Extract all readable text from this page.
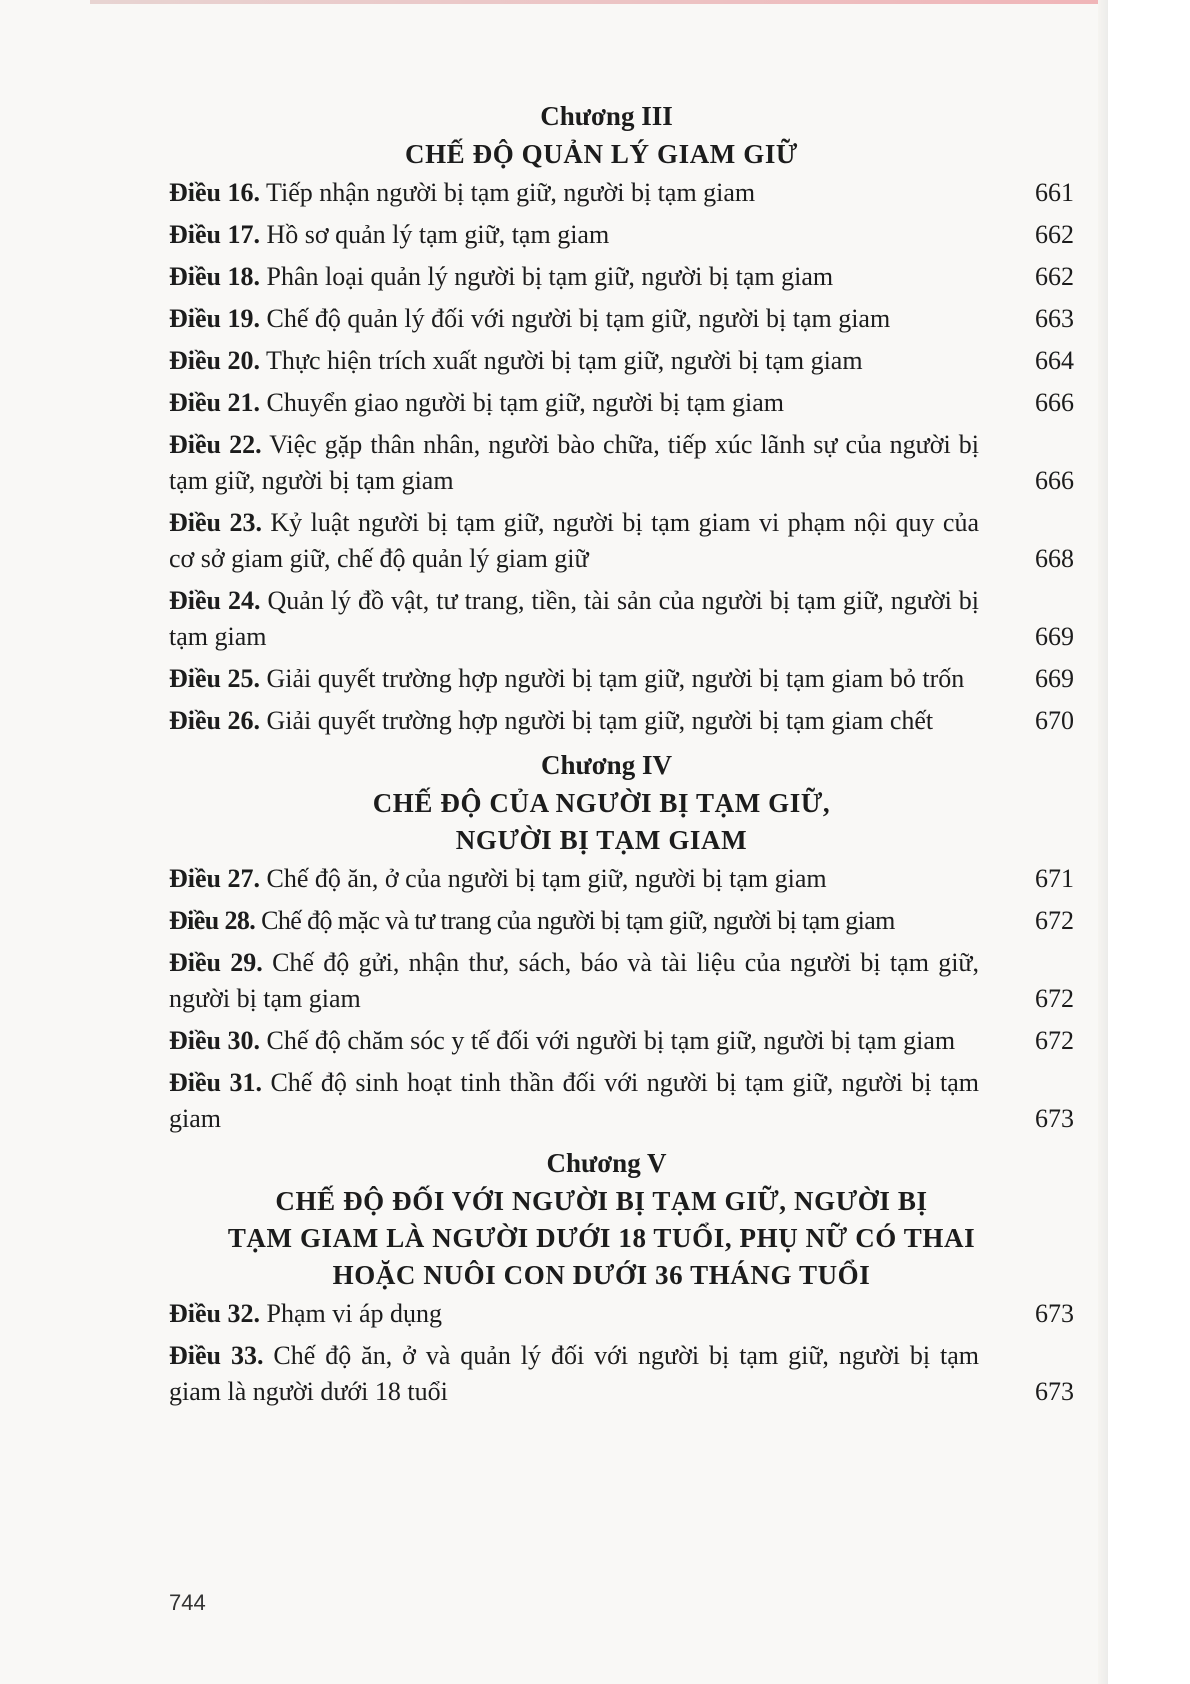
Chương III
CHẾ ĐỘ QUẢN LÝ GIAM GIỮ
Điều 16. Tiếp nhận người bị tạm giữ, người bị tạm giam	661
Điều 17. Hồ sơ quản lý tạm giữ, tạm giam	662
Điều 18. Phân loại quản lý người bị tạm giữ, người bị tạm giam	662
Điều 19. Chế độ quản lý đối với người bị tạm giữ, người bị tạm giam	663
Điều 20. Thực hiện trích xuất người bị tạm giữ, người bị tạm giam	664
Điều 21. Chuyển giao người bị tạm giữ, người bị tạm giam	666
Điều 22. Việc gặp thân nhân, người bào chữa, tiếp xúc lãnh sự của người bị tạm giữ, người bị tạm giam	666
Điều 23. Kỷ luật người bị tạm giữ, người bị tạm giam vi phạm nội quy của cơ sở giam giữ, chế độ quản lý giam giữ	668
Điều 24. Quản lý đồ vật, tư trang, tiền, tài sản của người bị tạm giữ, người bị tạm giam	669
Điều 25. Giải quyết trường hợp người bị tạm giữ, người bị tạm giam bỏ trốn	669
Điều 26. Giải quyết trường hợp người bị tạm giữ, người bị tạm giam chết	670
Chương IV
CHẾ ĐỘ CỦA NGƯỜI BỊ TẠM GIỮ,
NGƯỜI BỊ TẠM GIAM
Điều 27. Chế độ ăn, ở của người bị tạm giữ, người bị tạm giam	671
Điều 28. Chế độ mặc và tư trang của người bị tạm giữ, người bị tạm giam	672
Điều 29. Chế độ gửi, nhận thư, sách, báo và tài liệu của người bị tạm giữ, người bị tạm giam	672
Điều 30. Chế độ chăm sóc y tế đối với người bị tạm giữ, người bị tạm giam	672
Điều 31. Chế độ sinh hoạt tinh thần đối với người bị tạm giữ, người bị tạm giam	673
Chương V
CHẾ ĐỘ ĐỐI VỚI NGƯỜI BỊ TẠM GIỮ, NGƯỜI BỊ
TẠM GIAM LÀ NGƯỜI DƯỚI 18 TUỔI, PHỤ NỮ CÓ THAI
HOẶC NUÔI CON DƯỚI 36 THÁNG TUỔI
Điều 32. Phạm vi áp dụng	673
Điều 33. Chế độ ăn, ở và quản lý đối với người bị tạm giữ, người bị tạm giam là người dưới 18 tuổi	673
744
